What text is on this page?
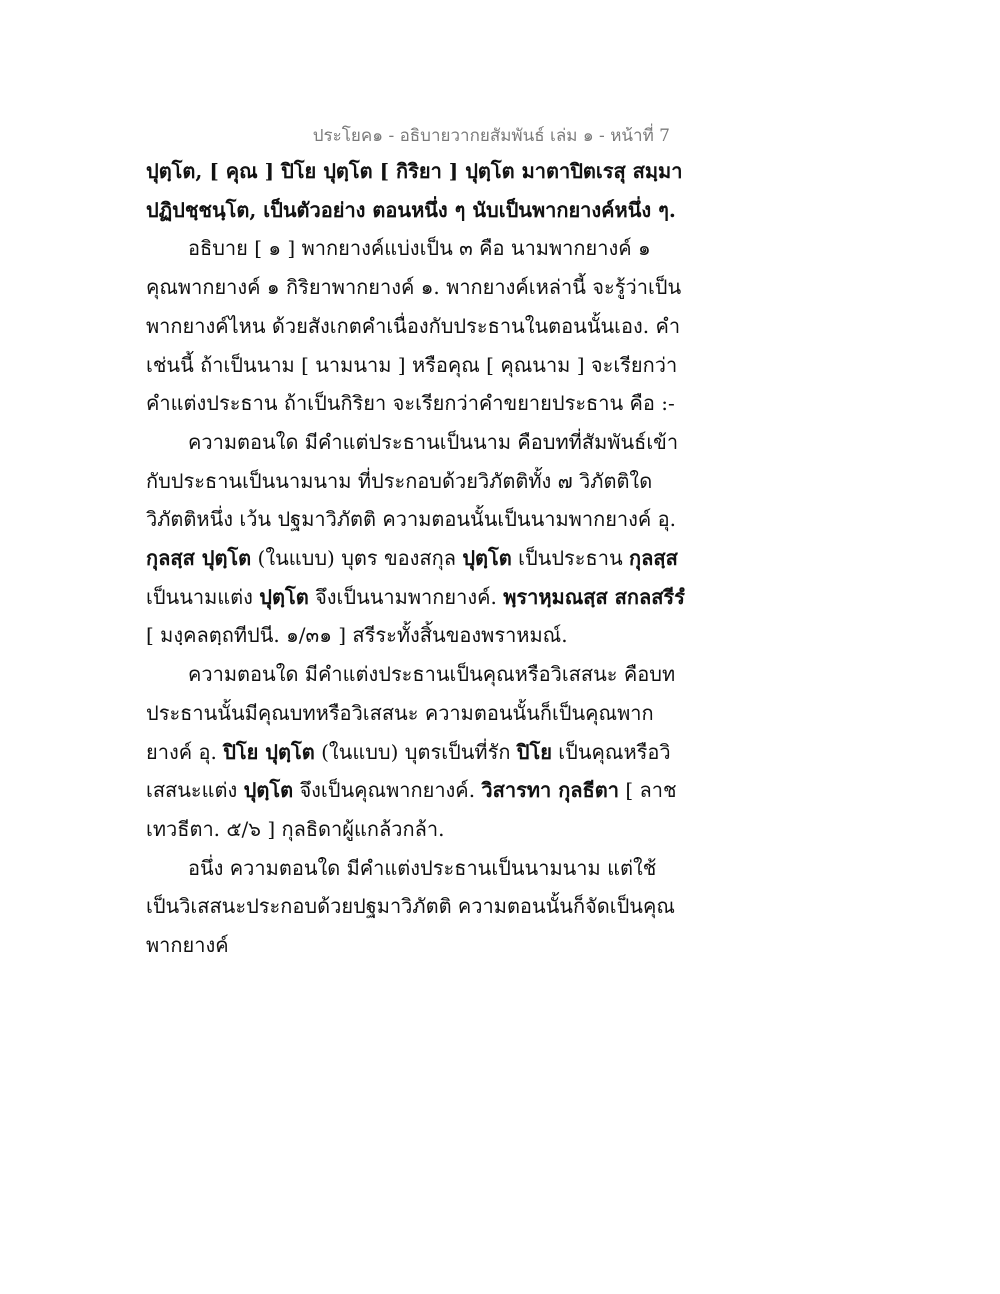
ประโยค๑ - อธิบายวากยสัมพันธ์ เล่ม ๑ - หน้าที่ 7

ปุตฺโต, [ คุณ ] ปิโย ปุตฺโต [ กิริยา ] ปุตฺโต มาตาปิตเรสุ สมฺมา ปฏิปชฺชนฺโต, เป็นตัวอย่าง ตอนหนึ่ง ๆ นับเป็นพากยางค์หนึ่ง ๆ.

อธิบาย [ ๑ ] พากยางค์แบ่งเป็น ๓ คือ นามพากยางค์ ๑ คุณพากยางค์ ๑ กิริยาพากยางค์ ๑. พากยางค์เหล่านี้ จะรู้ว่าเป็นพากยางค์ไหน ด้วยสังเกตคำเนื่องกับประธานในตอนนั้นเอง. คำเช่นนี้ ถ้าเป็นนาม [ นามนาม ] หรือคุณ [ คุณนาม ] จะเรียกว่าคำแต่งประธาน ถ้าเป็นกิริยา จะเรียกว่าคำขยายประธาน คือ :-

ความตอนใด มีคำแต่ประธานเป็นนาม คือบทที่สัมพันธ์เข้ากับประธานเป็นนามนาม ที่ประกอบด้วยวิภัตติทั้ง ๗ วิภัตติใดวิภัตติหนึ่ง เว้น ปฐมาวิภัตติ ความตอนนั้นเป็นนามพากยางค์ อุ. กุลสฺส ปุตฺโต (ในแบบ) บุตร ของสกุล ปุตฺโต เป็นประธาน กุลสฺส เป็นนามแต่ง ปุตฺโต จึงเป็นนามพากยางค์. พฺราหฺมณสฺส สกลสรีรํ [ มงฺคลตฺถทีปนี. ๑/๓๑ ] สรีระทั้งสิ้นของพราหมณ์.

ความตอนใด มีคำแต่งประธานเป็นคุณหรือวิเสสนะ คือบทประธานนั้นมีคุณบทหรือวิเสสนะ ความตอนนั้นก็เป็นคุณพากยางค์ อุ. ปิโย ปุตฺโต (ในแบบ) บุตรเป็นที่รัก ปิโย เป็นคุณหรือวิเสสนะแต่ง ปุตฺโต จึงเป็นคุณพากยางค์. วิสารทา กุลธีตา [ ลาชเทวธีตา. ๕/๖ ] กุลธิดาผู้แกล้วกล้า.

อนึ่ง ความตอนใด มีคำแต่งประธานเป็นนามนาม แต่ใช้เป็นวิเสสนะประกอบด้วยปฐมาวิภัตติ ความตอนนั้นก็จัดเป็นคุณพากยางค์
